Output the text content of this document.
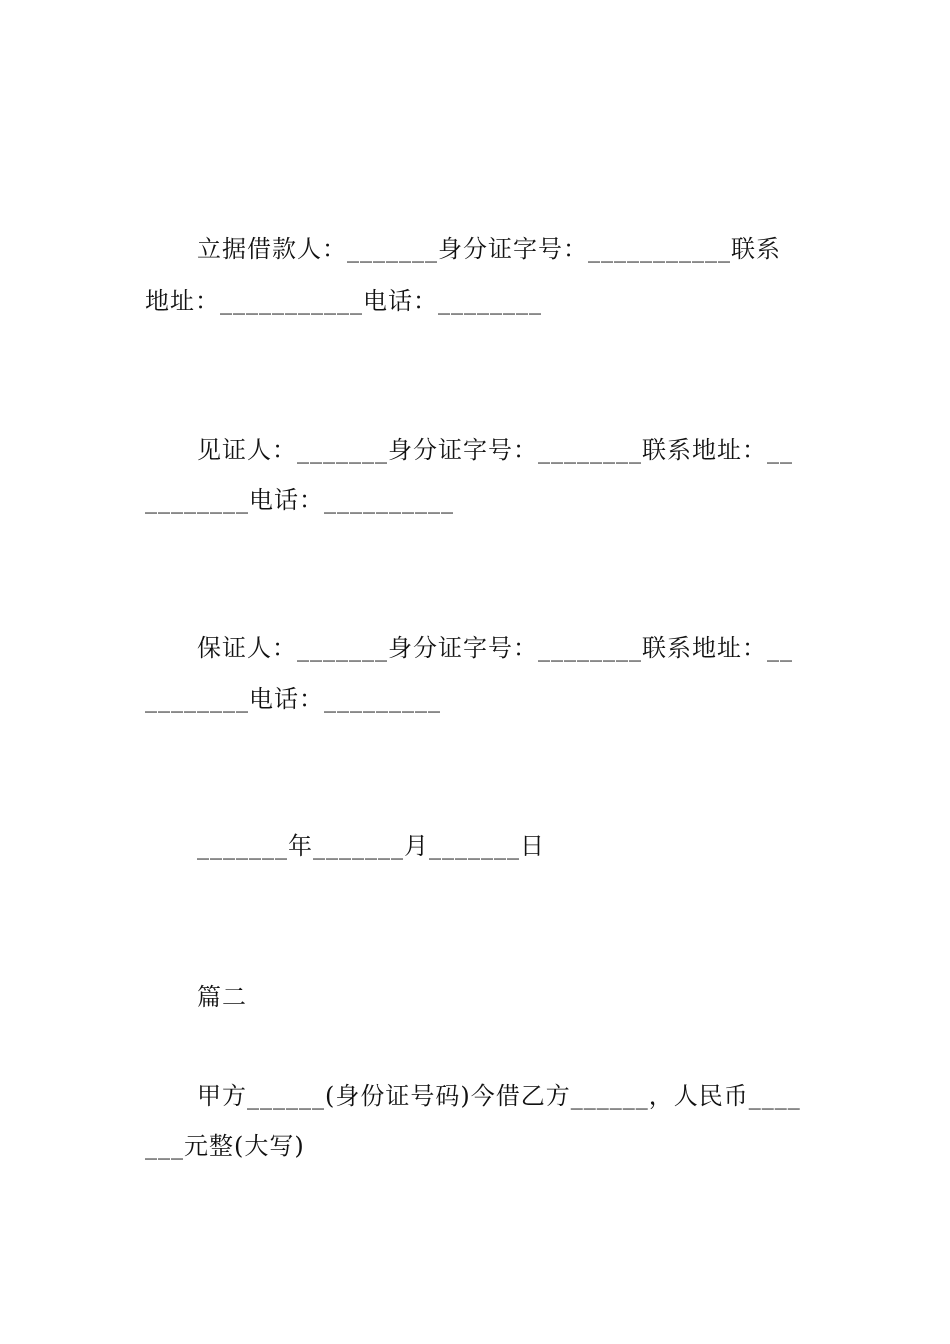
立据借款人：_______身分证字号：___________联系
地址：___________电话：________
见证人：_______身分证字号：________联系地址：__
________电话：__________
保证人：_______身分证字号：________联系地址：__
________电话：_________
_______年_______月_______日
篇二
甲方______(身份证号码)今借乙方______，人民币____
___元整(大写)
